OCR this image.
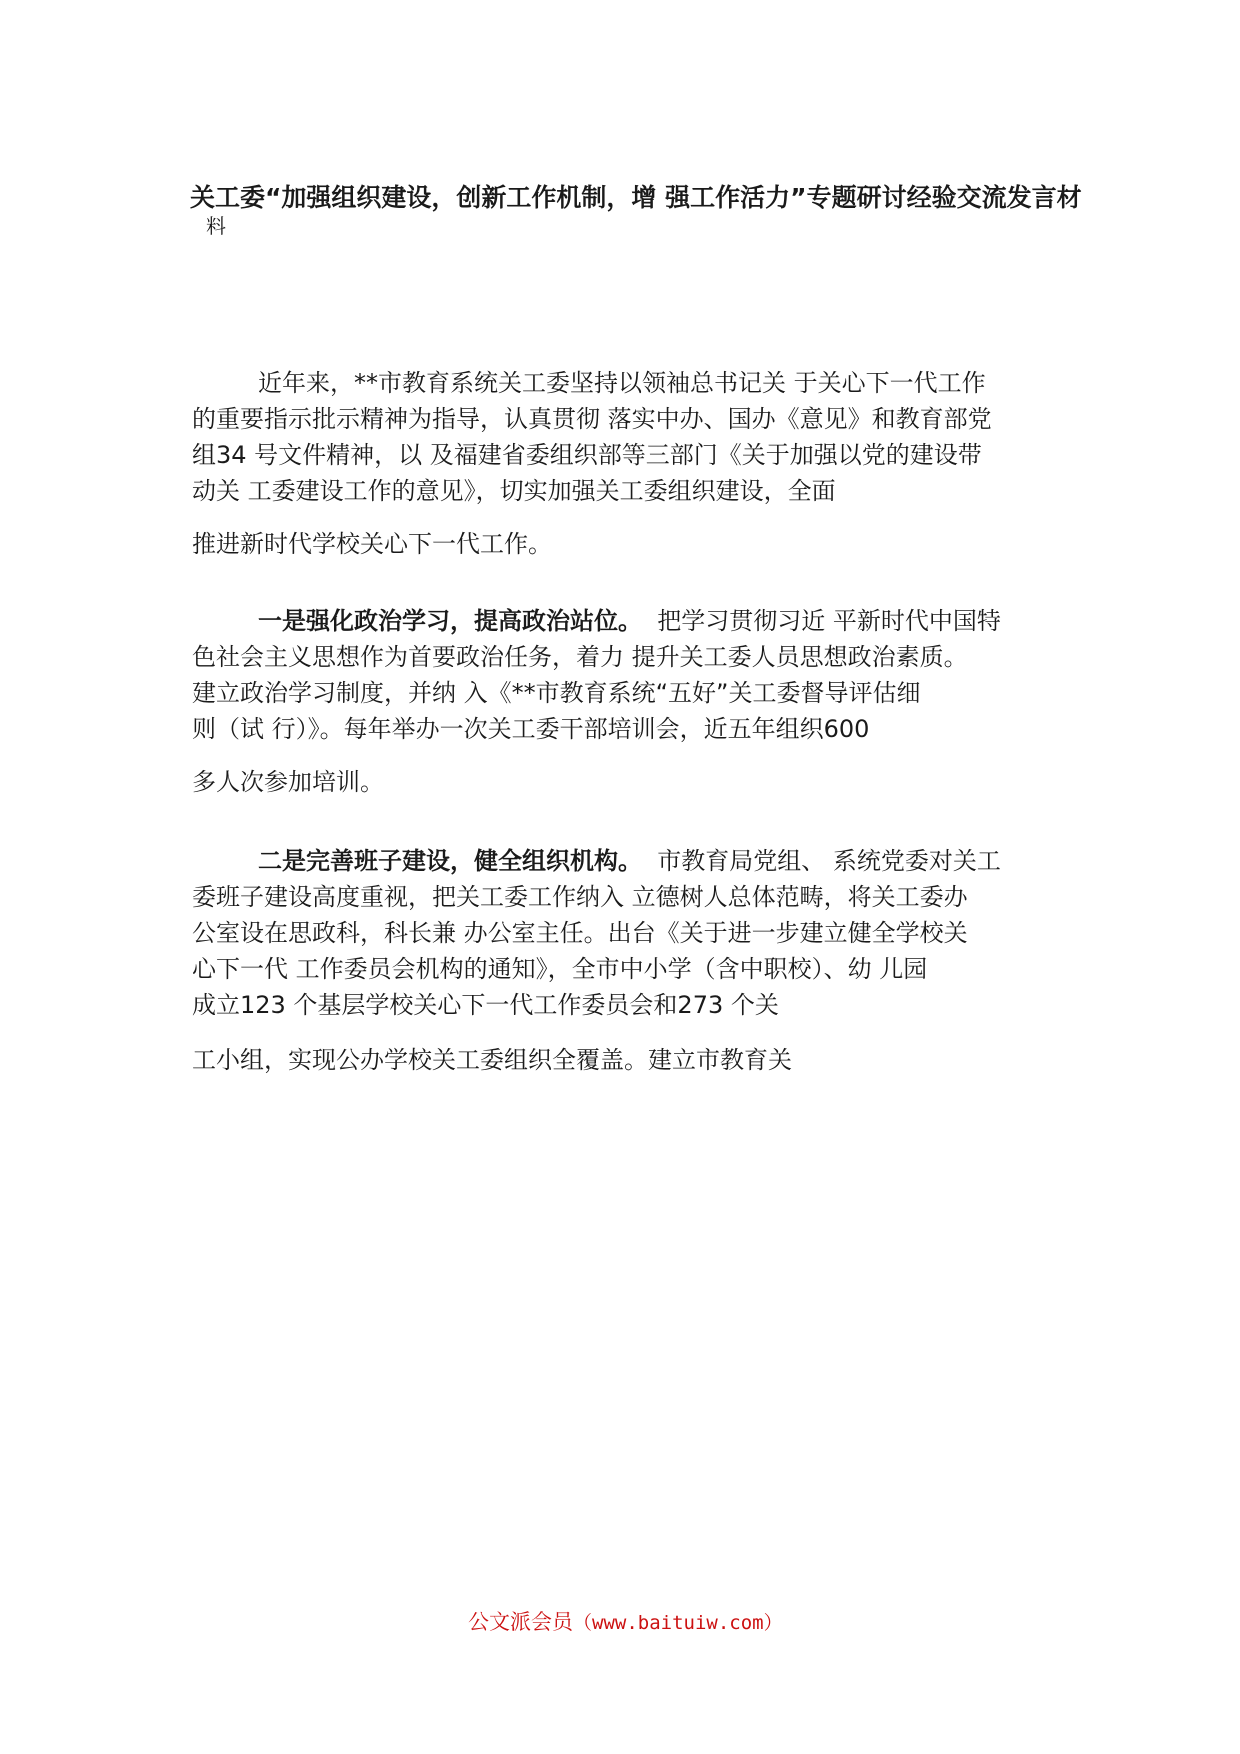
关工委“加强组织建设，创新工作机制，增 强工作活力”专题研讨经验交流发言材
料
近年来，**市教育系统关工委坚持以领袖总书记关 于关心下一代工作
的重要指示批示精神为指导，认真贯彻 落实中办、国办《意见》和教育部党
组34 号文件精神，以 及福建省委组织部等三部门《关于加强以党的建设带
动关 工委建设工作的意见》，切实加强关工委组织建设，全面
推进新时代学校关心下一代工作。
一是强化政治学习，提高政治站位。 把学习贯彻习近 平新时代中国特
色社会主义思想作为首要政治任务，着力 提升关工委人员思想政治素质。
建立政治学习制度，并纳 入《**市教育系统“五好”关工委督导评估细
则（试 行）》。每年举办一次关工委干部培训会，近五年组织600
多人次参加培训。
二是完善班子建设，健全组织机构。 市教育局党组、 系统党委对关工
委班子建设高度重视，把关工委工作纳入 立德树人总体范畴，将关工委办
公室设在思政科，科长兼 办公室主任。出台《关于进一步建立健全学校关
心下一代 工作委员会机构的通知》，全市中小学（含中职校）、幼 儿园
成立123 个基层学校关心下一代工作委员会和273 个关
工小组，实现公办学校关工委组织全覆盖。建立市教育关
公文派会员（www.baituiw.com）
